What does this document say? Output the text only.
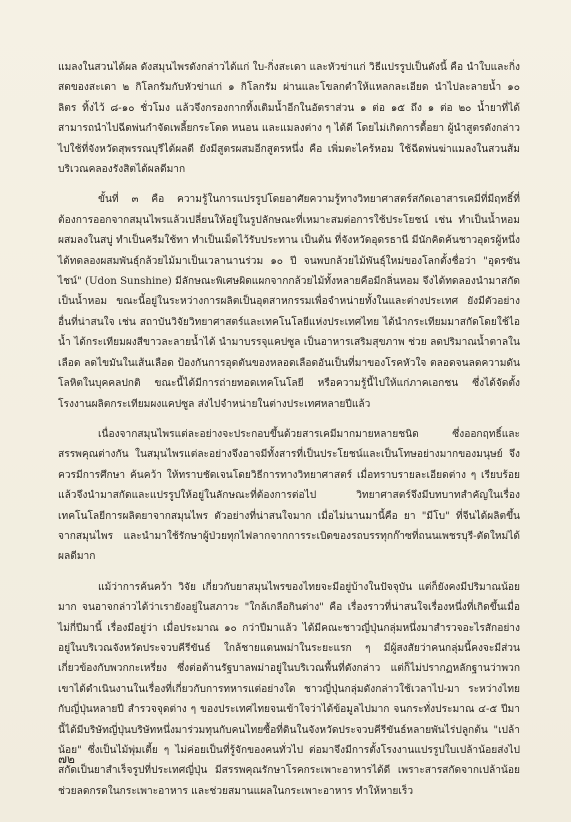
แมลงในสวนได้ผล ดังสมุนไพรดังกล่าวได้แก่ ใบ-กิ่งสะเดา และหัวข่าแก่ วิธีแปรรูปเป็นดังนี้ คือ นำใบและกิ่งสดของสะเดา ๒ กิโลกรัมกับหัวข่าแก่ ๑ กิโลกรัม ผ่านและโขลกตำให้แหลกละเอียด นำไปละลายน้ำ ๑๐ ลิตร ทิ้งไว้ ๘-๑๐ ชั่วโมง แล้วจึงกรองกากทิ้งเติมน้ำอีกในอัตราส่วน ๑ ต่อ ๑๕ ถึง ๑ ต่อ ๒๐ น้ำยาที่ได้สามารถนำไปฉีดพ่นกำจัดเพลี้ยกระโดด หนอน และแมลงต่าง ๆ ได้ดี โดยไม่เกิดการดื้อยา ผู้นำสูตรดังกล่าวไปใช้ที่จังหวัดสุพรรณบุรีได้ผลดี ยังมีสูตรผสมอีกสูตรหนึ่ง คือ เพิ่มตะไคร้หอม ใช้ฉีดพ่นฆ่าแมลงในสวนส้มบริเวณคลองรังสิตได้ผลดีมาก

ขั้นที่ ๓ คือ ความรู้ในการแปรรูปโดยอาศัยความรู้ทางวิทยาศาสตร์สกัดเอาสารเคมีที่มีฤทธิ์ที่ต้องการออกจากสมุนไพรแล้วเปลี่ยนให้อยู่ในรูปลักษณะที่เหมาะสมต่อการใช้ประโยชน์ เช่น ทำเป็นน้ำหอมผสมลงในสบู่ ทำเป็นครีมใช้ทา ทำเป็นเม็ดไว้รับประทาน เป็นต้น ที่จังหวัดอุดรธานี มีนักคิดค้นชาวอุดรผู้หนึ่งได้ทดลองผสมพันธุ์กล้วยไม้มาเป็นเวลานานร่วม ๑๐ ปี จนพบกล้วยไม้พันธุ์ใหม่ของโลกตั้งชื่อว่า "อุดรซันไชน์" (Udon Sunshine) มีลักษณะพิเศษผิดแผกจากกล้วยไม้ทั้งหลายคือมีกลิ่นหอม จึงได้ทดลองนำมาสกัดเป็นน้ำหอม ขณะนี้อยู่ในระหว่างการผลิตเป็นอุตสาหกรรมเพื่อจำหน่ายทั้งในและต่างประเทศ ยังมีตัวอย่างอื่นที่น่าสนใจ เช่น สถาบันวิจัยวิทยาศาสตร์และเทคโนโลยีแห่งประเทศไทย ได้นำกระเทียมมาสกัดโดยใช้ไอน้ำ ได้กระเทียมผงสีขาวละลายน้ำได้ นำมาบรรจุแคปซูล เป็นอาหารเสริมสุขภาพ ช่วย ลดปริมาณน้ำตาลในเลือด ลดไขมันในเส้นเลือด ป้องกันการอุดตันของหลอดเลือดอันเป็นที่มาของโรคหัวใจ ตลอดจนลดความดันโลหิตในบุคคลปกติ ขณะนี้ได้มีการถ่ายทอดเทคโนโลยี หรือความรู้นี้ไปให้แก่ภาคเอกชน ซึ่งได้จัดตั้งโรงงานผลิตกระเทียมผงแคปซูล ส่งไปจำหน่ายในต่างประเทศหลายปีแล้ว

เนื่องจากสมุนไพรแต่ละอย่างจะประกอบขึ้นด้วยสารเคมีมากมายหลายชนิด ซึ่งออกฤทธิ์และสรรพคุณต่างกัน ในสมุนไพรแต่ละอย่างจึงอาจมีทั้งสารที่เป็นประโยชน์และเป็นโทษอย่างมากของมนุษย์ จึงควรมีการศึกษา ค้นคว้า ให้ทราบชัดเจนโดยวิธีการทางวิทยาศาสตร์ เมื่อทราบรายละเอียดต่าง ๆ เรียบร้อยแล้วจึงนำมาสกัดและแปรรูปให้อยู่ในลักษณะที่ต้องการต่อไป วิทยาศาสตร์จึงมีบทบาทสำคัญในเรื่องเทคโนโลยีการผลิตยาจากสมุนไพร ตัวอย่างที่น่าสนใจมาก เมื่อไม่นานมานี้คือ ยา "มีโบ" ที่จีนได้ผลิตขึ้นจากสมุนไพร และนำมาใช้รักษาผู้ป่วยทุกไฟลากจากการระเบิดของรถบรรทุกก๊าซที่ถนนเพชรบุรี-ตัดใหม่ได้ผลดีมาก

แม้ว่าการค้นคว้า วิจัย เกี่ยวกับยาสมุนไพรของไทยจะมีอยู่บ้างในปัจจุบัน แต่ก็ยังคงมีปริมาณน้อยมาก จนอาจกล่าวได้ว่าเรายังอยู่ในสภาวะ "ใกล้เกลือกินด่าง" คือ เรื่องราวที่น่าสนใจเรื่องหนึ่งที่เกิดขึ้นเมื่อไม่กี่ปีมานี้ เรื่องมีอยู่ว่า เมื่อประมาณ ๑๐ กว่าปีมาแล้ว ได้มีคณะชาวญี่ปุ่นกลุ่มหนึ่งมาสำรวจอะไรสักอย่างอยู่ในบริเวณจังหวัดประจวบคีรีขันธ์ ใกล้ชายแดนพม่าในระยะแรก ๆ มีผู้สงสัยว่าคนกลุ่มนี้คงจะมีส่วนเกี่ยวข้องกับพวกกะเหรี่ยง ซึ่งต่อต้านรัฐบาลพม่าอยู่ในบริเวณพื้นที่ดังกล่าว แต่ก็ไม่ปรากฏหลักฐานว่าพวกเขาได้ดำเนินงานในเรื่องที่เกี่ยวกับการทหารแต่อย่างใด ชาวญี่ปุ่นกลุ่มดังกล่าวใช้เวลาไป-มา ระหว่างไทยกับญี่ปุ่นหลายปี สำรวจจุดต่าง ๆ ของประเทศไทยจนเข้าใจว่าได้ข้อมูลไปมาก จนกระทั่งประมาณ ๔-๕ ปีมานี้ได้มีบริษัทญี่ปุ่นบริษัทหนึ่งมาร่วมทุนกับคนไทยซื้อที่ดินในจังหวัดประจวบคีรีขันธ์หลายพันไร่ปลูกต้น "เปล้าน้อย" ซึ่งเป็นไม้พุ่มเตี้ย ๆ ไม่ค่อยเป็นที่รู้จักของคนทั่วไป ต่อมาจึงมีการตั้งโรงงานแปรรูปใบเปล้าน้อยส่งไปสกัดเป็นยาสำเร็จรูปที่ประเทศญี่ปุ่น มีสรรพคุณรักษาโรคกระเพาะอาหารได้ดี เพราะสารสกัดจากเปล้าน้อยช่วยลดกรดในกระเพาะอาหาร และช่วยสมานแผลในกระเพาะอาหาร ทำให้หายเร็ว

๗๒
